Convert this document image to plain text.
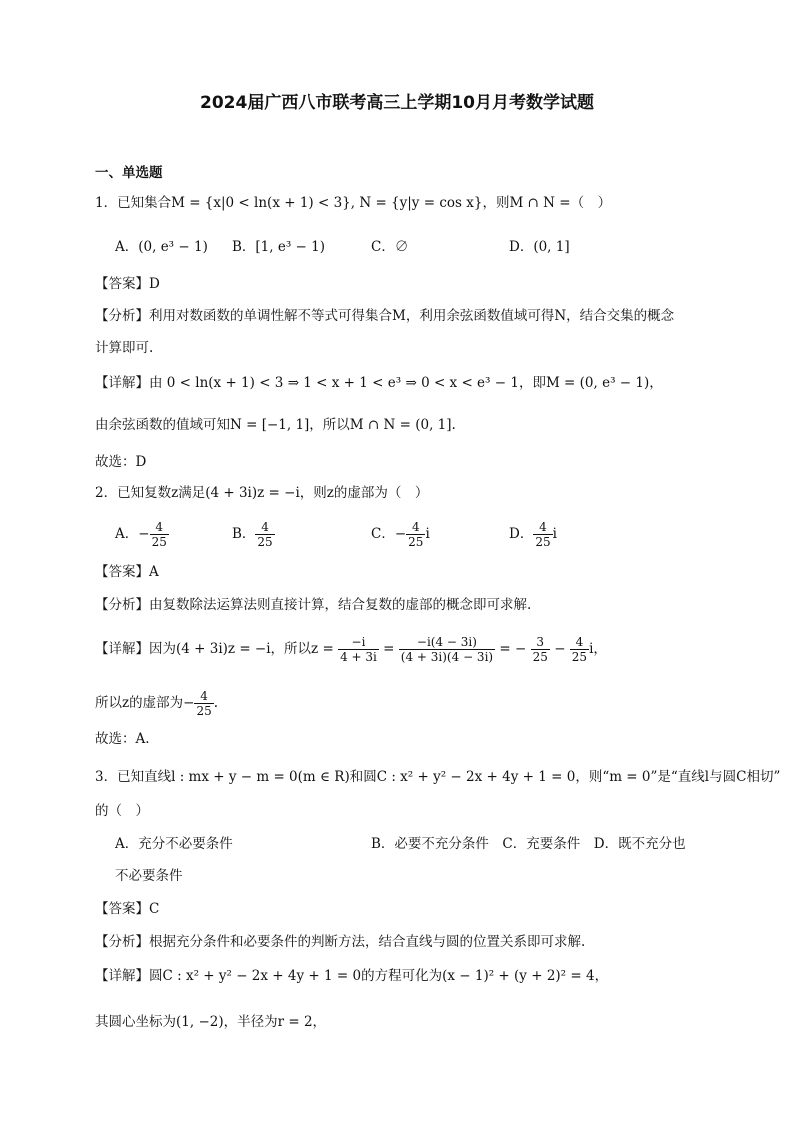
2024届广西八市联考高三上学期10月月考数学试题
一、单选题
1．已知集合M = {x|0 < ln(x + 1) < 3}, N = {y|y = cos x}，则M ∩ N =（　）
A．(0, e³ − 1) B．[1, e³ − 1)	C．∅	D．(0, 1]
【答案】D
【分析】利用对数函数的单调性解不等式可得集合M，利用余弦函数值域可得N，结合交集的概念
计算即可.
【详解】由 0 < ln(x + 1) < 3 ⇒ 1 < x + 1 < e³ ⇒ 0 < x < e³ − 1，即M = (0, e³ − 1)，
由余弦函数的值域可知N = [−1, 1]，所以M ∩ N = (0, 1].
故选：D
2．已知复数z满足(4 + 3i)z = −i，则z的虚部为（　）
A．− $\frac{4}{25}$	B． $\frac{4}{25}$	C．− $\frac{4}{25}$ i	D． $\frac{4}{25}$ i
【答案】A
【分析】由复数除法运算法则直接计算，结合复数的虚部的概念即可求解.
【详解】因为(4 + 3i)z = −i，所以$z = \frac{-i}{4 + 3i} = \frac{-i(4 - 3i)}{(4 + 3i)(4 - 3i)}$ = − $\frac{3}{25} - \frac{4}{25}$ i，
所以z的虚部为− $\frac{4}{25}$ .
故选：A.
3．已知直线l : mx + y − m = 0(m ∈ R)和圆C : x² + y² − 2x + 4y + 1 = 0，则“m = 0”是“直线l与圆C相切”
的（　）
A．充分不必要条件	B．必要不充分条件　C．充要条件　D．既不充分也
不必要条件
【答案】C
【分析】根据充分条件和必要条件的判断方法，结合直线与圆的位置关系即可求解.
【详解】圆C : x² + y² − 2x + 4y + 1 = 0的方程可化为(x − 1)² + (y + 2)² = 4，
其圆心坐标为(1, −2)，半径为r = 2，
